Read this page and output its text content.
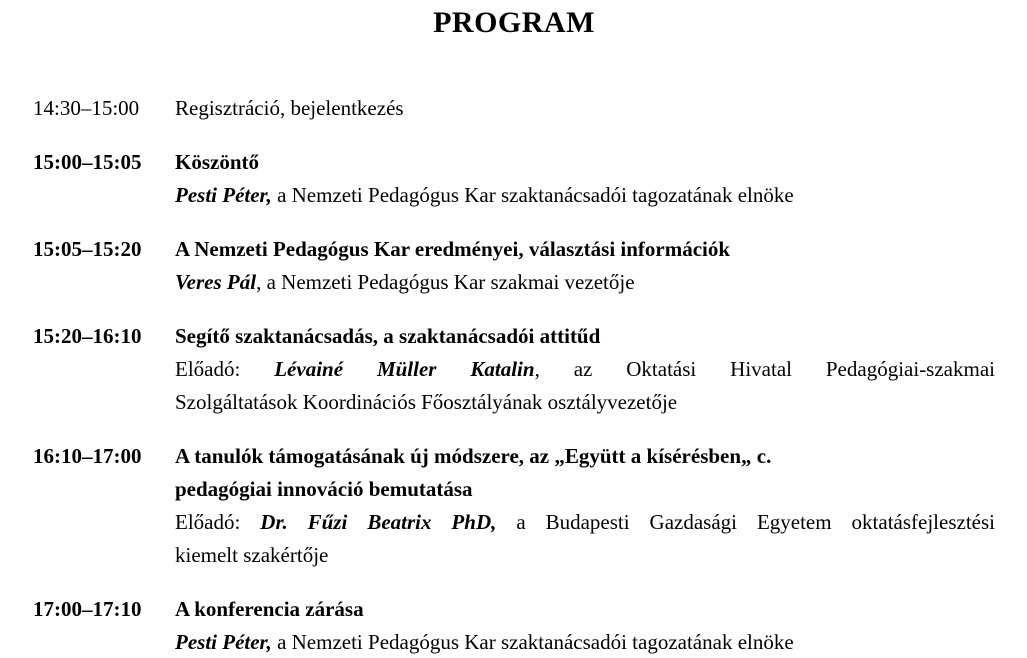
PROGRAM
14:30–15:00	Regisztráció, bejelentkezés
15:00–15:05	Köszöntő
Pesti Péter, a Nemzeti Pedagógus Kar szaktanácsadói tagozatának elnöke
15:05–15:20	A Nemzeti Pedagógus Kar eredményei, választási információk
Veres Pál, a Nemzeti Pedagógus Kar szakmai vezetője
15:20–16:10	Segítő szaktanácsadás, a szaktanácsadói attitűd
Előadó: Lévainé Müller Katalin, az Oktatási Hivatal Pedagógiai-szakmai
Szolgáltatások Koordinációs Főosztályának osztályvezetője
16:10–17:00	A tanulók támogatásának új módszere, az „Együtt a kísérésben„ c.
pedagógiai innováció bemutatása
Előadó: Dr. Fűzi Beatrix PhD, a Budapesti Gazdasági Egyetem oktatásfejlesztési
kiemelt szakértője
17:00–17:10	A konferencia zárása
Pesti Péter, a Nemzeti Pedagógus Kar szaktanácsadói tagozatának elnöke
